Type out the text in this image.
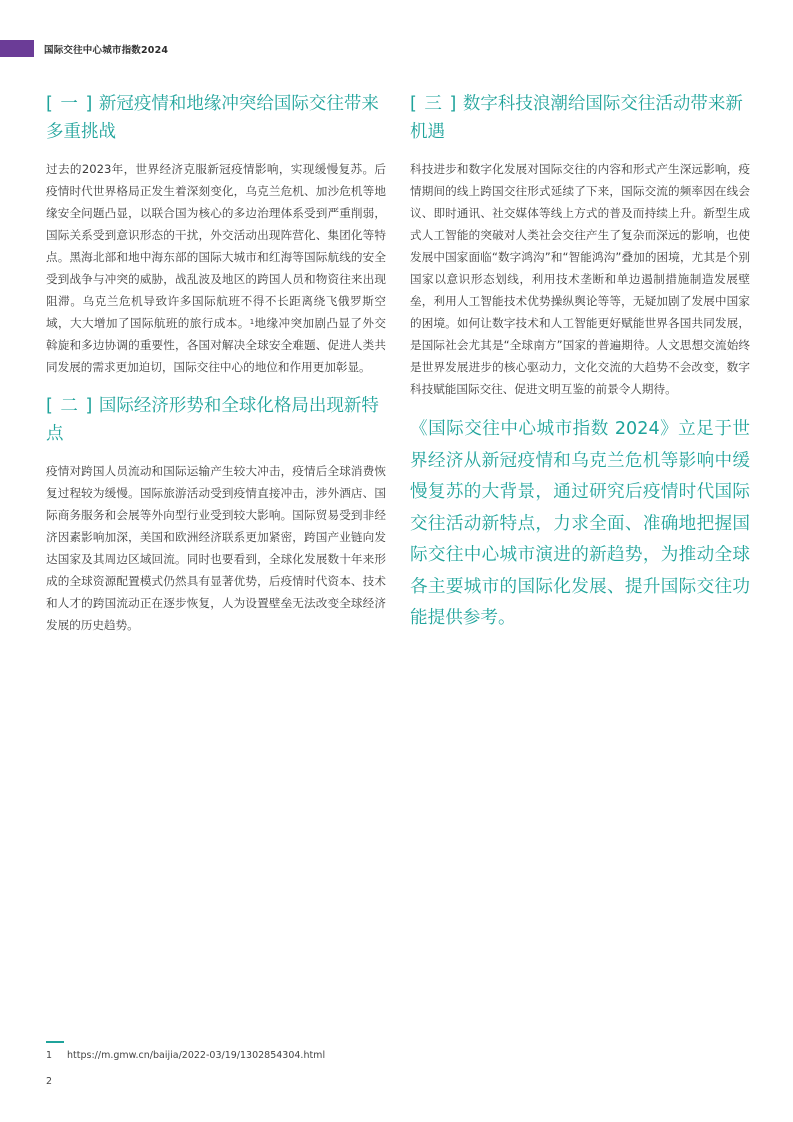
国际交往中心城市指数2024
[ 一 ] 新冠疫情和地缘冲突给国际交往带来多重挑战

过去的2023年，世界经济克服新冠疫情影响，实现缓慢复苏。后疫情时代世界格局正发生着深刻变化，乌克兰危机、加沙危机等地缘安全问题凸显，以联合国为核心的多边治理体系受到严重削弱，国际关系受到意识形态的干扰，外交活动出现阵营化、集团化等特点。黑海北部和地中海东部的国际大城市和红海等国际航线的安全受到战争与冲突的威胁，战乱波及地区的跨国人员和物资往来出现阻滞。乌克兰危机导致许多国际航班不得不长距离绕飞俄罗斯空域，大大增加了国际航班的旅行成本。$^1$地缘冲突加剧凸显了外交斡旋和多边协调的重要性，各国对解决全球安全难题、促进人类共同发展的需求更加迫切，国际交往中心的地位和作用更加彰显。

[ 二 ] 国际经济形势和全球化格局出现新特点

疫情对跨国人员流动和国际运输产生较大冲击，疫情后全球消费恢复过程较为缓慢。国际旅游活动受到疫情直接冲击，涉外酒店、国际商务服务和会展等外向型行业受到较大影响。国际贸易受到非经济因素影响加深，美国和欧洲经济联系更加紧密，跨国产业链向发达国家及其周边区域回流。同时也要看到，全球化发展数十年来形成的全球资源配置模式仍然具有显著优势，后疫情时代资本、技术和人才的跨国流动正在逐步恢复，人为设置壁垒无法改变全球经济发展的历史趋势。

[ 三 ] 数字科技浪潮给国际交往活动带来新机遇

科技进步和数字化发展对国际交往的内容和形式产生深远影响，疫情期间的线上跨国交往形式延续了下来，国际交流的频率因在线会议、即时通讯、社交媒体等线上方式的普及而持续上升。新型生成式人工智能的突破对人类社会交往产生了复杂而深远的影响，也使发展中国家面临“数字鸿沟”和“智能鸿沟”叠加的困境，尤其是个别国家以意识形态划线，利用技术垄断和单边遏制措施制造发展壁垒，利用人工智能技术优势操纵舆论等等，无疑加剧了发展中国家的困境。如何让数字技术和人工智能更好赋能世界各国共同发展，是国际社会尤其是“全球南方”国家的普遍期待。人文思想交流始终是世界发展进步的核心驱动力，文化交流的大趋势不会改变，数字科技赋能国际交往、促进文明互鉴的前景令人期待。

《国际交往中心城市指数 2024》立足于世界经济从新冠疫情和乌克兰危机等影响中缓慢复苏的大背景，通过研究后疫情时代国际交往活动新特点，力求全面、准确地把握国际交往中心城市演进的新趋势，为推动全球各主要城市的国际化发展、提升国际交往功能提供参考。
1 https://m.gmw.cn/baijia/2022-03/19/1302854304.html
2
